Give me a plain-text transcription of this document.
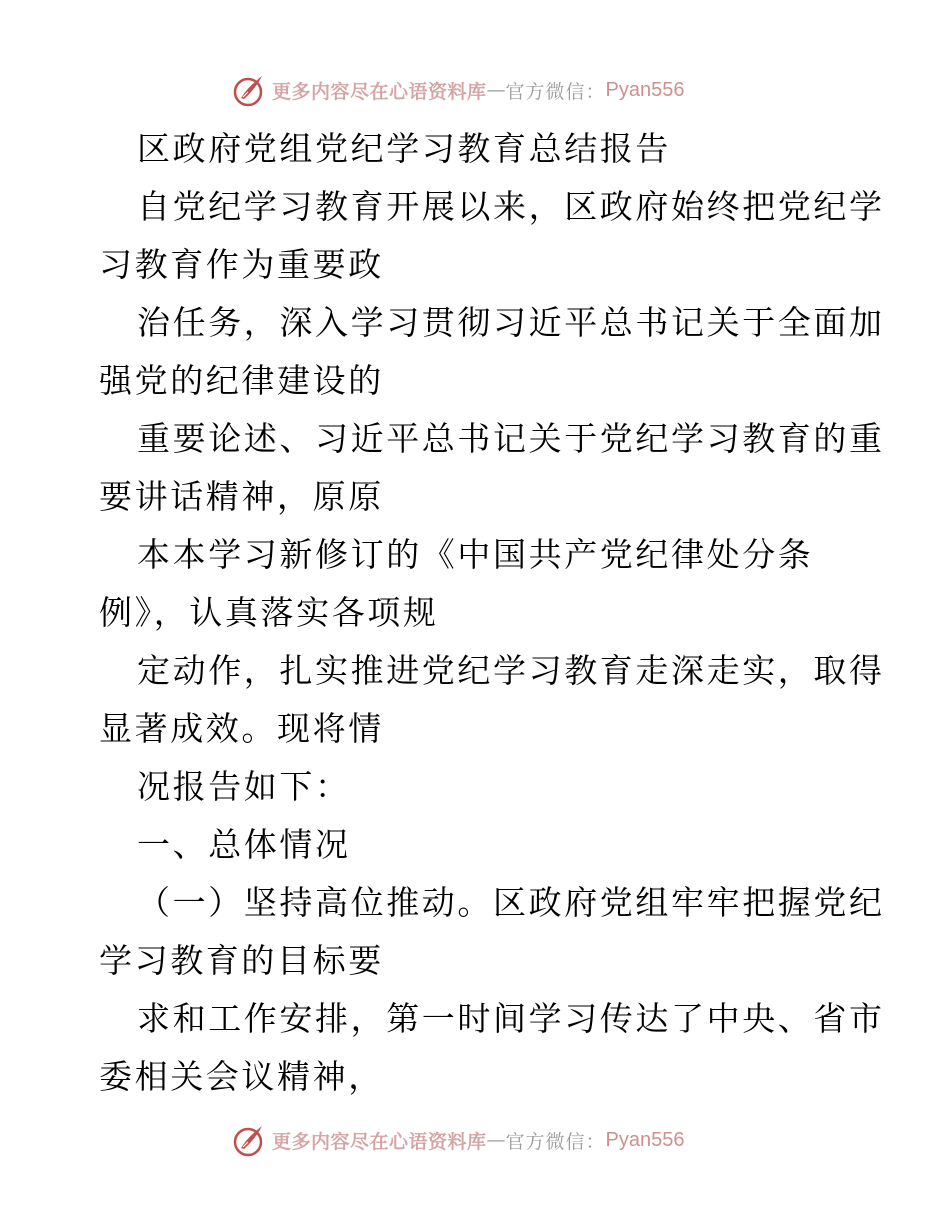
更多内容尽在心语资料库 — 官方微信： Pyan556
区政府党组党纪学习教育总结报告
自党纪学习教育开展以来，区政府始终把党纪学
习教育作为重要政
治任务，深入学习贯彻习近平总书记关于全面加
强党的纪律建设的
重要论述、习近平总书记关于党纪学习教育的重
要讲话精神，原原
本本学习新修订的《中国共产党纪律处分条
例》，认真落实各项规
定动作，扎实推进党纪学习教育走深走实，取得
显著成效。现将情
况报告如下：
一、总体情况
（一）坚持高位推动。区政府党组牢牢把握党纪
学习教育的目标要
求和工作安排，第一时间学习传达了中央、省市
委相关会议精神，
更多内容尽在心语资料库 — 官方微信： Pyan556
